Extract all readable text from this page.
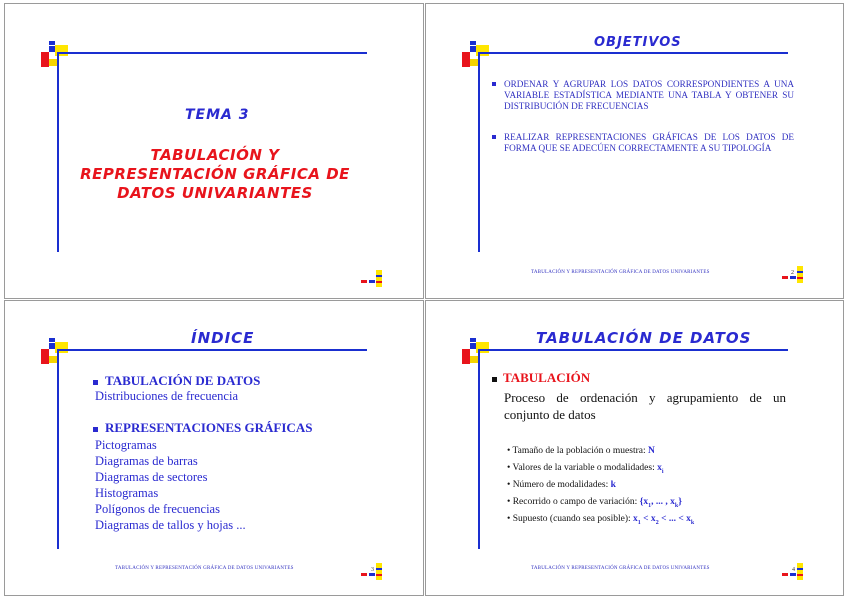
TEMA 3
TABULACIÓN Y
REPRESENTACIÓN GRÁFICA DE
DATOS UNIVARIANTES
OBJETIVOS
ORDENAR Y AGRUPAR LOS DATOS CORRESPONDIENTES A UNA VARIABLE ESTADÍSTICA MEDIANTE UNA TABLA Y OBTENER SU DISTRIBUCIÓN DE FRECUENCIAS
REALIZAR REPRESENTACIONES GRÁFICAS DE LOS DATOS DE FORMA QUE SE ADECÚEN CORRECTAMENTE A SU TIPOLOGÍA
TABULACIÓN Y REPRESENTACIÓN GRÁFICA DE DATOS UNIVARIANTES	2
ÍNDICE
TABULACIÓN DE DATOS
Distribuciones de frecuencia
REPRESENTACIONES GRÁFICAS
Pictogramas
Diagramas de barras
Diagramas de sectores
Histogramas
Polígonos de frecuencias
Diagramas de tallos y hojas ...
TABULACIÓN Y REPRESENTACIÓN GRÁFICA DE DATOS UNIVARIANTES	3
TABULACIÓN DE DATOS
TABULACIÓN
Proceso de ordenación y agrupamiento de un conjunto de datos
• Tamaño de la población o muestra: N
• Valores de la variable o modalidades: $x_i$
• Número de modalidades: k
• Recorrido o campo de variación: {$x_1$, ... , $x_k$}
• Supuesto (cuando sea posible): $x_1 < x_2$ < ... < $x_k$
TABULACIÓN Y REPRESENTACIÓN GRÁFICA DE DATOS UNIVARIANTES	4
